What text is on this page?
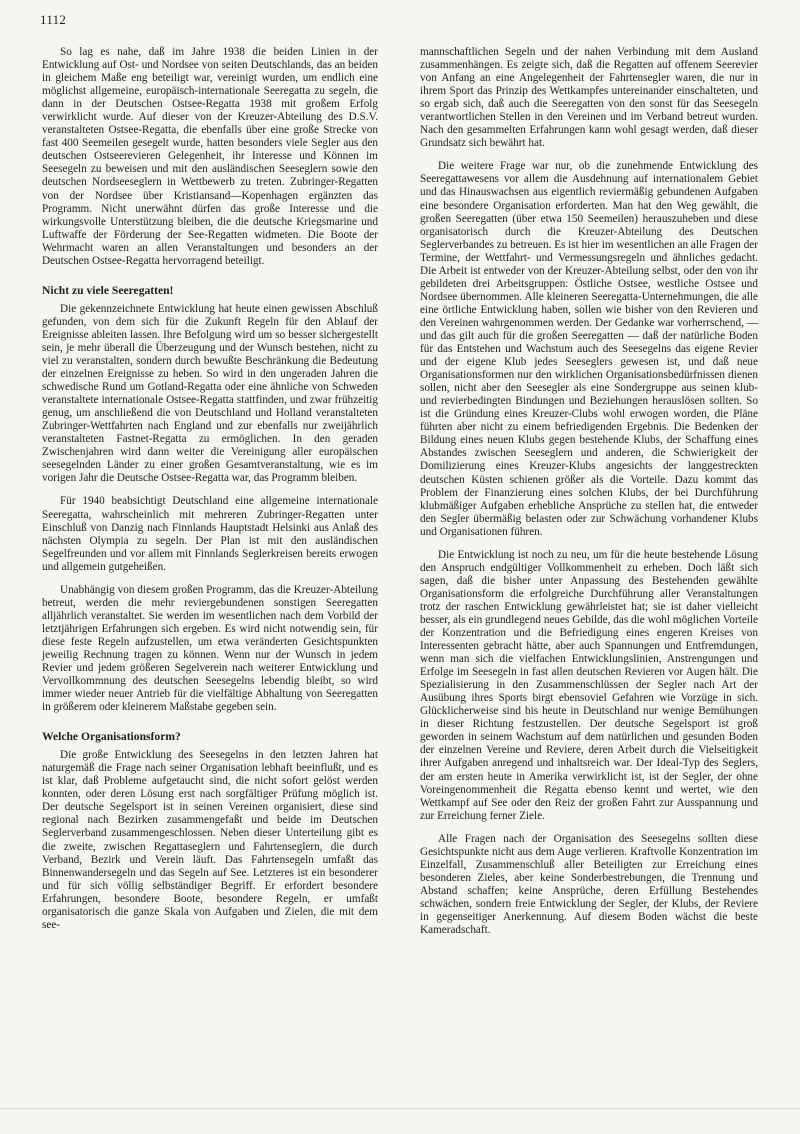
1112

So lag es nahe, daß im Jahre 1938 die beiden Linien in der Entwicklung auf Ost- und Nordsee von seiten Deutschlands, das an beiden in gleichem Maße eng beteiligt war, vereinigt wurden, um endlich eine möglichst allgemeine, europäisch-internationale Seeregatta zu segeln, die dann in der Deutschen Ostsee-Regatta 1938 mit großem Erfolg verwirklicht wurde. Auf dieser von der Kreuzer-Abteilung des D.S.V. veranstalteten Ostsee-Regatta, die ebenfalls über eine große Strecke von fast 400 Seemeilen gesegelt wurde, hatten besonders viele Segler aus den deutschen Ostseerevieren Gelegenheit, ihr Interesse und Können im Seesegeln zu beweisen und mit den ausländischen Seeseglern sowie den deutschen Nordseeseglern in Wettbewerb zu treten. Zubringer-Regatten von der Nordsee über Kristiansand—Kopenhagen ergänzten das Programm. Nicht unerwähnt dürfen das große Interesse und die wirkungsvolle Unterstützung bleiben, die die deutsche Kriegsmarine und Luftwaffe der Förderung der See-Regatten widmeten. Die Boote der Wehrmacht waren an allen Veranstaltungen und besonders an der Deutschen Ostsee-Regatta hervorragend beteiligt.

Nicht zu viele Seeregatten!

Die gekennzeichnete Entwicklung hat heute einen gewissen Abschluß gefunden, von dem sich für die Zukunft Regeln für den Ablauf der Ereignisse ableiten lassen. Ihre Befolgung wird um so besser sichergestellt sein, je mehr überall die Überzeugung und der Wunsch bestehen, nicht zu viel zu veranstalten, sondern durch bewußte Beschränkung die Bedeutung der einzelnen Ereignisse zu heben. So wird in den ungeraden Jahren die schwedische Rund um Gotland-Regatta oder eine ähnliche von Schweden veranstaltete internationale Ostsee-Regatta stattfinden, und zwar frühzeitig genug, um anschließend die von Deutschland und Holland veranstalteten Zubringer-Wettfahrten nach England und zur ebenfalls nur zweijährlich veranstalteten Fastnet-Regatta zu ermöglichen. In den geraden Zwischenjahren wird dann weiter die Vereinigung aller europäischen seesegelnden Länder zu einer großen Gesamtveranstaltung, wie es im vorigen Jahr die Deutsche Ostsee-Regatta war, das Programm bleiben.

Für 1940 beabsichtigt Deutschland eine allgemeine internationale Seeregatta, wahrscheinlich mit mehreren Zubringer-Regatten unter Einschluß von Danzig nach Finnlands Hauptstadt Helsinki aus Anlaß des nächsten Olympia zu segeln. Der Plan ist mit den ausländischen Segelfreunden und vor allem mit Finnlands Seglerkreisen bereits erwogen und allgemein gutgeheißen.

Unabhängig von diesem großen Programm, das die Kreuzer-Abteilung betreut, werden die mehr reviergebundenen sonstigen Seeregatten alljährlich veranstaltet. Sie werden im wesentlichen nach dem Vorbild der letztjährigen Erfahrungen sich ergeben. Es wird nicht notwendig sein, für diese feste Regeln aufzustellen, um etwa veränderten Gesichtspunkten jeweilig Rechnung tragen zu können. Wenn nur der Wunsch in jedem Revier und jedem größeren Segelverein nach weiterer Entwicklung und Vervollkommnung des deutschen Seesegelns lebendig bleibt, so wird immer wieder neuer Antrieb für die vielfältige Abhaltung von Seeregatten in größerem oder kleinerem Maßstabe gegeben sein.

Welche Organisationsform?

Die große Entwicklung des Seesegelns in den letzten Jahren hat naturgemäß die Frage nach seiner Organisation lebhaft beeinflußt, und es ist klar, daß Probleme aufgetaucht sind, die nicht sofort gelöst werden konnten, oder deren Lösung erst nach sorgfältiger Prüfung möglich ist. Der deutsche Segelsport ist in seinen Vereinen organisiert, diese sind regional nach Bezirken zusammengefaßt und beide im Deutschen Seglerverband zusammengeschlossen. Neben dieser Unterteilung gibt es die zweite, zwischen Regattaseglern und Fahrtenseglern, die durch Verband, Bezirk und Verein läuft. Das Fahrtensegeln umfaßt das Binnenwandersegeln und das Segeln auf See. Letzteres ist ein besonderer und für sich völlig selbständiger Begriff. Er erfordert besondere Erfahrungen, besondere Boote, besondere Regeln, er umfaßt organisatorisch die ganze Skala von Aufgaben und Zielen, die mit dem see-

mannschaftlichen Segeln und der nahen Verbindung mit dem Ausland zusammenhängen. Es zeigte sich, daß die Regatten auf offenem Seerevier von Anfang an eine Angelegenheit der Fahrtensegler waren, die nur in ihrem Sport das Prinzip des Wettkampfes untereinander einschalteten, und so ergab sich, daß auch die Seeregatten von den sonst für das Seesegeln verantwortlichen Stellen in den Vereinen und im Verband betreut wurden. Nach den gesammelten Erfahrungen kann wohl gesagt werden, daß dieser Grundsatz sich bewährt hat.

Die weitere Frage war nur, ob die zunehmende Entwicklung des Seeregattawesens vor allem die Ausdehnung auf internationalem Gebiet und das Hinauswachsen aus eigentlich reviermäßig gebundenen Aufgaben eine besondere Organisation erforderten. Man hat den Weg gewählt, die großen Seeregatten (über etwa 150 Seemeilen) herauszuheben und diese organisatorisch durch die Kreuzer-Abteilung des Deutschen Seglerverbandes zu betreuen. Es ist hier im wesentlichen an alle Fragen der Termine, der Wettfahrt- und Vermessungsregeln und ähnliches gedacht. Die Arbeit ist entweder von der Kreuzer-Abteilung selbst, oder den von ihr gebildeten drei Arbeitsgruppen: Östliche Ostsee, westliche Ostsee und Nordsee übernommen. Alle kleineren Seeregatta-Unternehmungen, die alle eine örtliche Entwicklung haben, sollen wie bisher von den Revieren und den Vereinen wahrgenommen werden. Der Gedanke war vorherrschend, — und das gilt auch für die großen Seeregatten — daß der natürliche Boden für das Entstehen und Wachstum auch des Seesegelns das eigene Revier und der eigene Klub jedes Seeseglers gewesen ist, und daß neue Organisationsformen nur den wirklichen Organisationsbedürfnissen dienen sollen, nicht aber den Seesegler als eine Sondergruppe aus seinen klub- und revierbedingten Bindungen und Beziehungen herauslösen sollten. So ist die Gründung eines Kreuzer-Clubs wohl erwogen worden, die Pläne führten aber nicht zu einem befriedigenden Ergebnis. Die Bedenken der Bildung eines neuen Klubs gegen bestehende Klubs, der Schaffung eines Abstandes zwischen Seeseglern und anderen, die Schwierigkeit der Domilizierung eines Kreuzer-Klubs angesichts der langgestreckten deutschen Küsten schienen größer als die Vorteile. Dazu kommt das Problem der Finanzierung eines solchen Klubs, der bei Durchführung klubmäßiger Aufgaben erhebliche Ansprüche zu stellen hat, die entweder den Segler übermäßig belasten oder zur Schwächung vorhandener Klubs und Organisationen führen.

Die Entwicklung ist noch zu neu, um für die heute bestehende Lösung den Anspruch endgültiger Vollkommenheit zu erheben. Doch läßt sich sagen, daß die bisher unter Anpassung des Bestehenden gewählte Organisationsform die erfolgreiche Durchführung aller Veranstaltungen trotz der raschen Entwicklung gewährleistet hat; sie ist daher vielleicht besser, als ein grundlegend neues Gebilde, das die wohl möglichen Vorteile der Konzentration und die Befriedigung eines engeren Kreises von Interessenten gebracht hätte, aber auch Spannungen und Entfremdungen, wenn man sich die vielfachen Entwicklungslinien, Anstrengungen und Erfolge im Seesegeln in fast allen deutschen Revieren vor Augen hält. Die Spezialisierung in den Zusammenschlüssen der Segler nach Art der Ausübung ihres Sports birgt ebensoviel Gefahren wie Vorzüge in sich. Glücklicherweise sind bis heute in Deutschland nur wenige Bemühungen in dieser Richtung festzustellen. Der deutsche Segelsport ist groß geworden in seinem Wachstum auf dem natürlichen und gesunden Boden der einzelnen Vereine und Reviere, deren Arbeit durch die Vielseitigkeit ihrer Aufgaben anregend und inhaltsreich war. Der Ideal-Typ des Seglers, der am ersten heute in Amerika verwirklicht ist, ist der Segler, der ohne Voreingenommenheit die Regatta ebenso kennt und wertet, wie den Wettkampf auf See oder den Reiz der großen Fahrt zur Ausspannung und zur Erreichung ferner Ziele.

Alle Fragen nach der Organisation des Seesegelns sollten diese Gesichtspunkte nicht aus dem Auge verlieren. Kraftvolle Konzentration im Einzelfall, Zusammenschluß aller Beteiligten zur Erreichung eines besonderen Zieles, aber keine Sonderbestrebungen, die Trennung und Abstand schaffen; keine Ansprüche, deren Erfüllung Bestehendes schwächen, sondern freie Entwicklung der Segler, der Klubs, der Reviere in gegenseitiger Anerkennung. Auf diesem Boden wächst die beste Kameradschaft.
